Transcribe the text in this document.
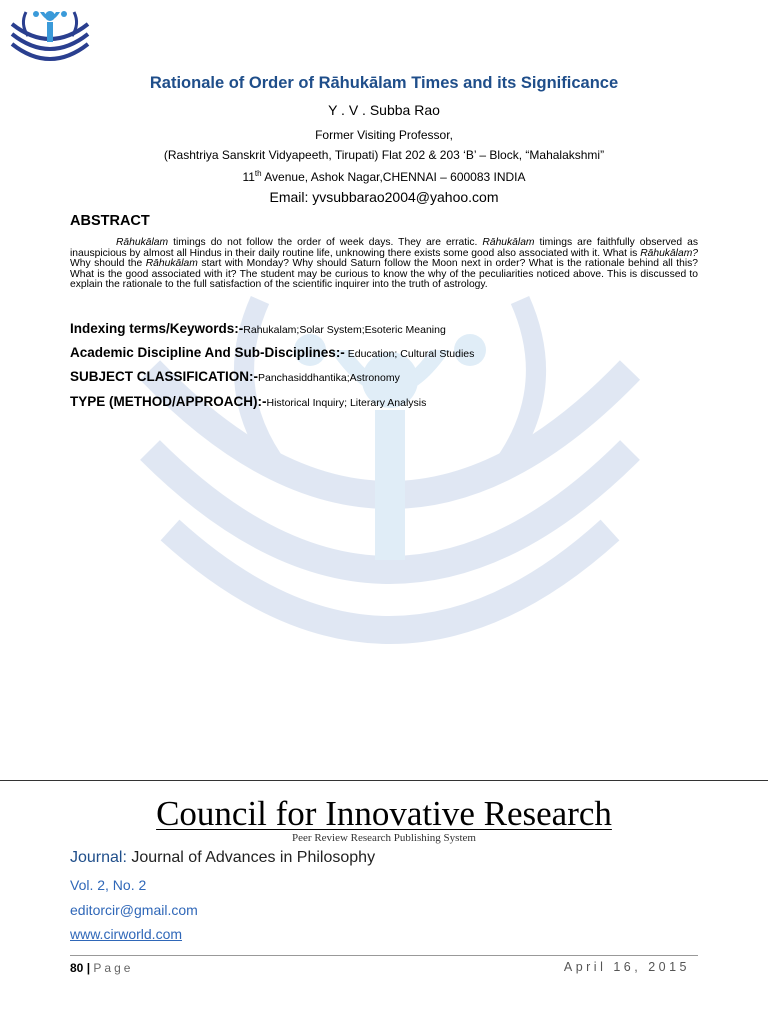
Rationale of Order of Rāhukālam Times and its Significance
Y . V . Subba Rao
Former Visiting Professor,
(Rashtriya Sanskrit Vidyapeeth, Tirupati) Flat 202 & 203 ‘B’ – Block, “Mahalakshmi”
11th Avenue, Ashok Nagar,CHENNAI – 600083 INDIA
Email: yvsubbarao2004@yahoo.com
ABSTRACT
Rāhukālam timings do not follow the order of week days. They are erratic. Rāhukālam timings are faithfully observed as inauspicious by almost all Hindus in their daily routine life, unknowing there exists some good also associated with it. What is Rāhukālam? Why should the Rāhukālam start with Monday? Why should Saturn follow the Moon next in order? What is the rationale behind all this? What is the good associated with it? The student may be curious to know the why of the peculiarities noticed above. This is discussed to explain the rationale to the full satisfaction of the scientific inquirer into the truth of astrology.
Indexing terms/Keywords:-Rahukalam;Solar System;Esoteric Meaning
Academic Discipline And Sub-Disciplines:- Education; Cultural Studies
SUBJECT CLASSIFICATION:-Panchasiddhantika;Astronomy
TYPE (METHOD/APPROACH):-Historical Inquiry; Literary Analysis
Council for Innovative Research
Peer Review Research Publishing System
Journal: Journal of Advances in Philosophy
Vol. 2, No. 2
editorcir@gmail.com
www.cirworld.com
80 | Page	April 16, 2015
